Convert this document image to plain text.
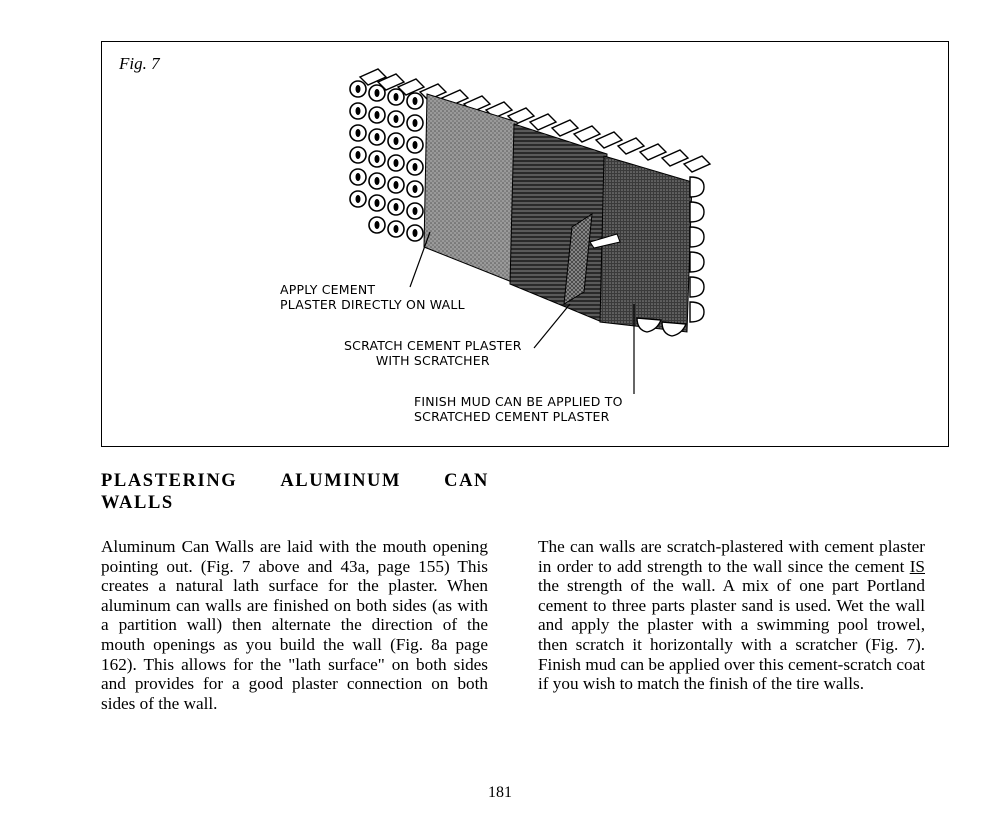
Fig. 7
APPLY CEMENT
PLASTER DIRECTLY ON WALL
SCRATCH CEMENT PLASTER
WITH SCRATCHER
FINISH MUD CAN BE APPLIED TO
SCRATCHED CEMENT PLASTER
PLASTERING ALUMINUM CAN
WALLS

Aluminum Can Walls are laid with the mouth opening pointing out. (Fig. 7 above and 43a, page 155) This creates a natural lath surface for the plaster. When aluminum can walls are finished on both sides (as with a partition wall) then alternate the direction of the mouth openings as you build the wall (Fig. 8a page 162). This allows for the "lath surface" on both sides and provides for a good plaster connection on both sides of the wall.

The can walls are scratch-plastered with cement plaster in order to add strength to the wall since the cement IS the strength of the wall. A mix of one part Portland cement to three parts plaster sand is used. Wet the wall and apply the plaster with a swimming pool trowel, then scratch it horizontally with a scratcher (Fig. 7). Finish mud can be applied over this cement-scratch coat if you wish to match the finish of the tire walls.

181
